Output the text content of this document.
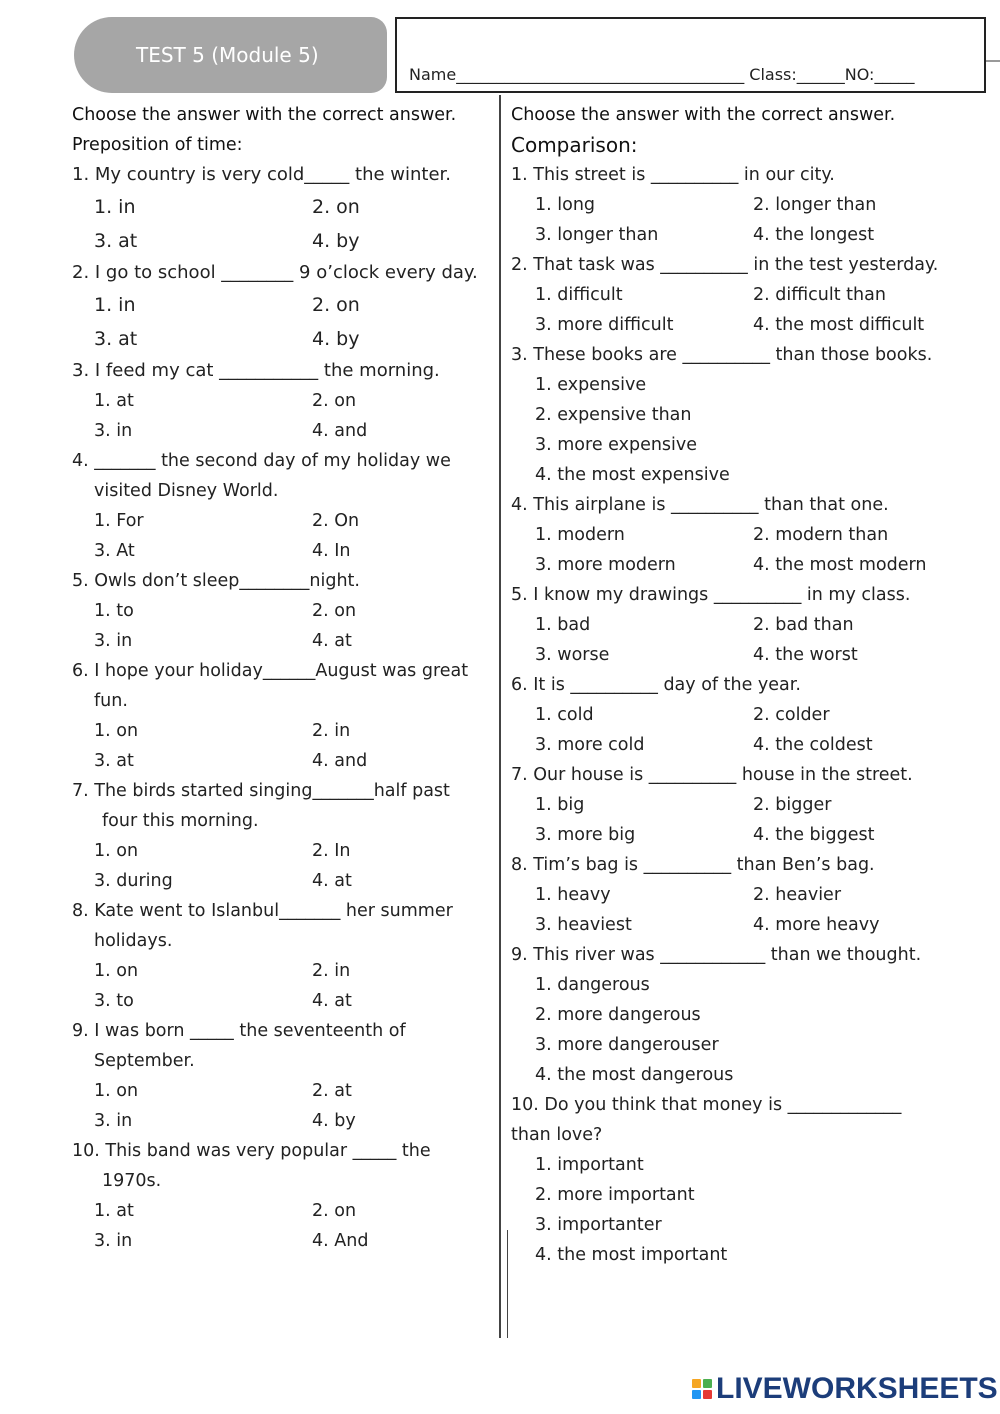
TEST 5 (Module 5)
Name____________________________________ Class:______NO:_____
Choose the answer with the correct answer.
Preposition of time:
1. My country is very cold_____ the winter.
1. in	2. on
3. at	4. by
2. I go to school ________ 9 o’clock every day.
1. in	2. on
3. at	4. by
3. I feed my cat ___________ the morning.
1. at	2. on
3. in	4. and
4. _______ the second day of my holiday we
visited Disney World.
1. For	2. On
3. At	4. In
5. Owls don’t sleep________night.
1. to	2. on
3. in	4. at
6. I hope your holiday______August was great
fun.
1. on	2. in
3. at	4. and
7. The birds started singing_______half past
four this morning.
1. on	2. In
3. during	4. at
8. Kate went to Islanbul_______ her summer
holidays.
1. on	2. in
3. to	4. at
9. I was born _____ the seventeenth of
September.
1. on	2. at
3. in	4. by
10. This band was very popular _____ the
1970s.
1. at	2. on
3. in	4. And
Choose the answer with the correct answer.
Comparison:
1. This street is __________ in our city.
1. long	2. longer than
3. longer than	4. the longest
2. That task was __________ in the test yesterday.
1. difficult	2. difficult than
3. more difficult	4. the most difficult
3. These books are __________ than those books.
1. expensive
2. expensive than
3. more expensive
4. the most expensive
4. This airplane is __________ than that one.
1. modern	2. modern than
3. more modern	4. the most modern
5. I know my drawings __________ in my class.
1. bad	2. bad than
3. worse	4. the worst
6. It is __________ day of the year.
1. cold	2. colder
3. more cold	4. the coldest
7. Our house is __________ house in the street.
1. big	2. bigger
3. more big	4. the biggest
8. Tim’s bag is __________ than Ben’s bag.
1. heavy	2. heavier
3. heaviest	4. more heavy
9. This river was ____________ than we thought.
1. dangerous
2. more dangerous
3. more dangerouser
4. the most dangerous
10. Do you think that money is _____________
than love?
1. important
2. more important
3. importanter
4. the most important
LIVEWORKSHEETS
